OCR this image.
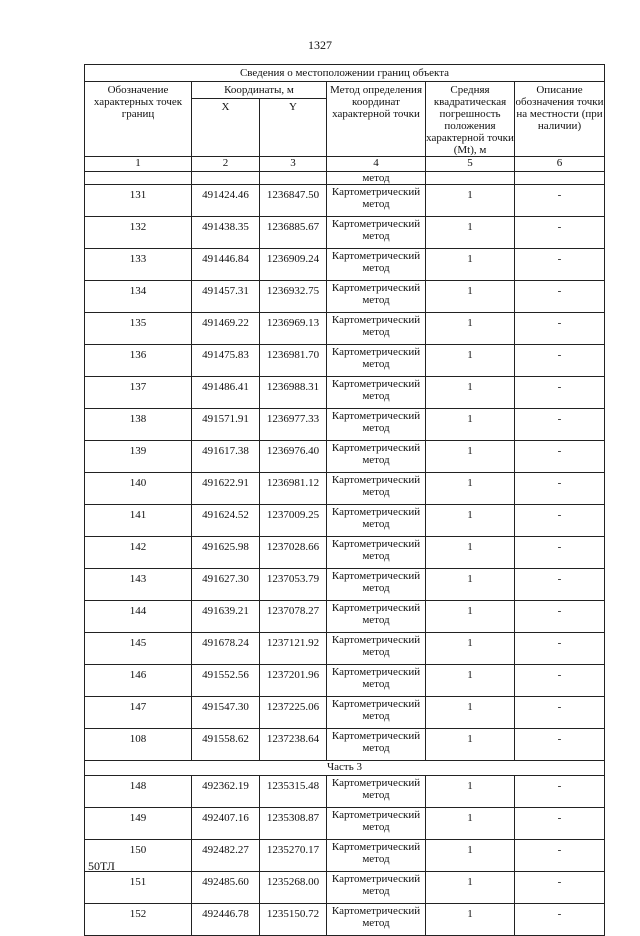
1327
Сведения о местоположении границ объекта					
Обозначение характерных точек границ	Координаты, м		Метод определения координат характерной точки	Средняя квадратическая погрешность положения характерной точки (Mt), м	Описание обозначения точки на местности (при наличии)
	X	Y			
1	2	3	4	5	6
			метод		
131	491424.46	1236847.50	Картометрический метод	1	-
132	491438.35	1236885.67	Картометрический метод	1	-
133	491446.84	1236909.24	Картометрический метод	1	-
134	491457.31	1236932.75	Картометрический метод	1	-
135	491469.22	1236969.13	Картометрический метод	1	-
136	491475.83	1236981.70	Картометрический метод	1	-
137	491486.41	1236988.31	Картометрический метод	1	-
138	491571.91	1236977.33	Картометрический метод	1	-
139	491617.38	1236976.40	Картометрический метод	1	-
140	491622.91	1236981.12	Картометрический метод	1	-
141	491624.52	1237009.25	Картометрический метод	1	-
142	491625.98	1237028.66	Картометрический метод	1	-
143	491627.30	1237053.79	Картометрический метод	1	-
144	491639.21	1237078.27	Картометрический метод	1	-
145	491678.24	1237121.92	Картометрический метод	1	-
146	491552.56	1237201.96	Картометрический метод	1	-
147	491547.30	1237225.06	Картометрический метод	1	-
108	491558.62	1237238.64	Картометрический метод	1	-
Часть 3					
148	492362.19	1235315.48	Картометрический метод	1	-
149	492407.16	1235308.87	Картометрический метод	1	-
150	492482.27	1235270.17	Картометрический метод	1	-
151	492485.60	1235268.00	Картометрический метод	1	-
152	492446.78	1235150.72	Картометрический метод	1	-
50ТЛ
